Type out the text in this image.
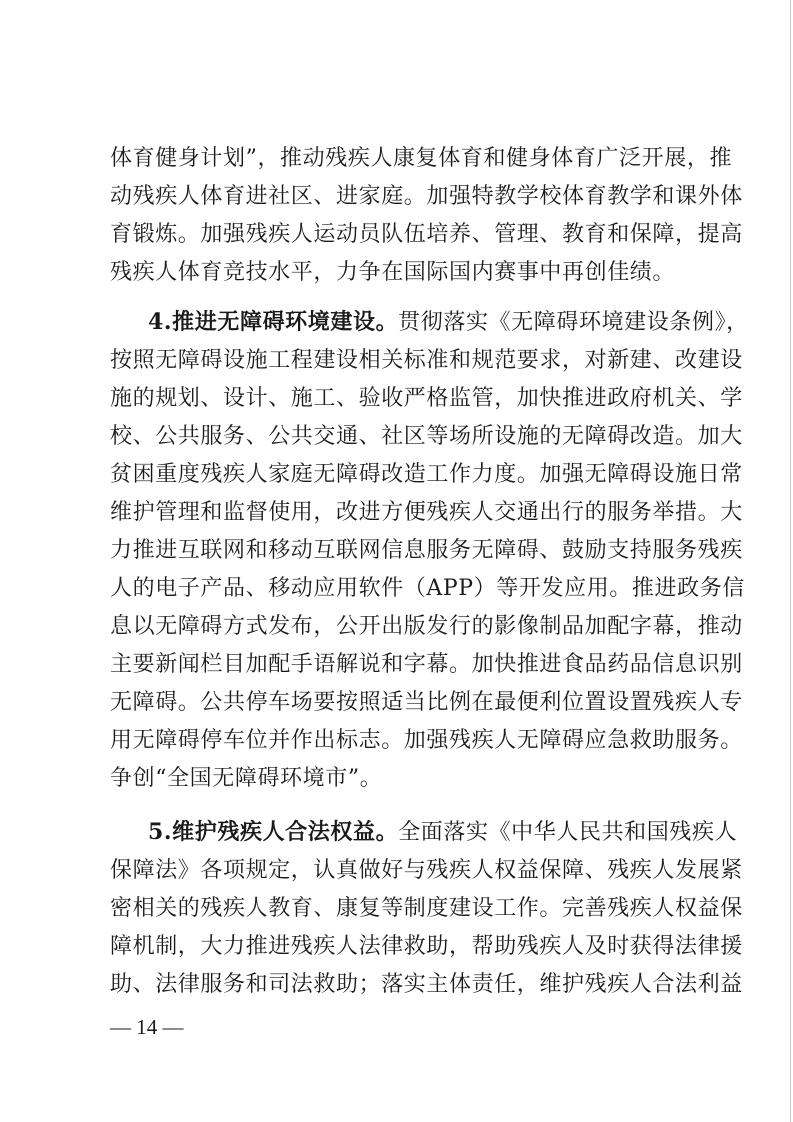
体育健身计划”，推动残疾人康复体育和健身体育广泛开展，推
动残疾人体育进社区、进家庭。加强特教学校体育教学和课外体
育锻炼。加强残疾人运动员队伍培养、管理、教育和保障，提高
残疾人体育竞技水平，力争在国际国内赛事中再创佳绩。
4.推进无障碍环境建设。贯彻落实《无障碍环境建设条例》，
按照无障碍设施工程建设相关标准和规范要求，对新建、改建设
施的规划、设计、施工、验收严格监管，加快推进政府机关、学
校、公共服务、公共交通、社区等场所设施的无障碍改造。加大
贫困重度残疾人家庭无障碍改造工作力度。加强无障碍设施日常
维护管理和监督使用，改进方便残疾人交通出行的服务举措。大
力推进互联网和移动互联网信息服务无障碍、鼓励支持服务残疾
人的电子产品、移动应用软件（APP）等开发应用。推进政务信
息以无障碍方式发布，公开出版发行的影像制品加配字幕，推动
主要新闻栏目加配手语解说和字幕。加快推进食品药品信息识别
无障碍。公共停车场要按照适当比例在最便利位置设置残疾人专
用无障碍停车位并作出标志。加强残疾人无障碍应急救助服务。
争创“全国无障碍环境市”。
5.维护残疾人合法权益。全面落实《中华人民共和国残疾人
保障法》各项规定，认真做好与残疾人权益保障、残疾人发展紧
密相关的残疾人教育、康复等制度建设工作。完善残疾人权益保
障机制，大力推进残疾人法律救助，帮助残疾人及时获得法律援
助、法律服务和司法救助；落实主体责任，维护残疾人合法利益
— 14 —
